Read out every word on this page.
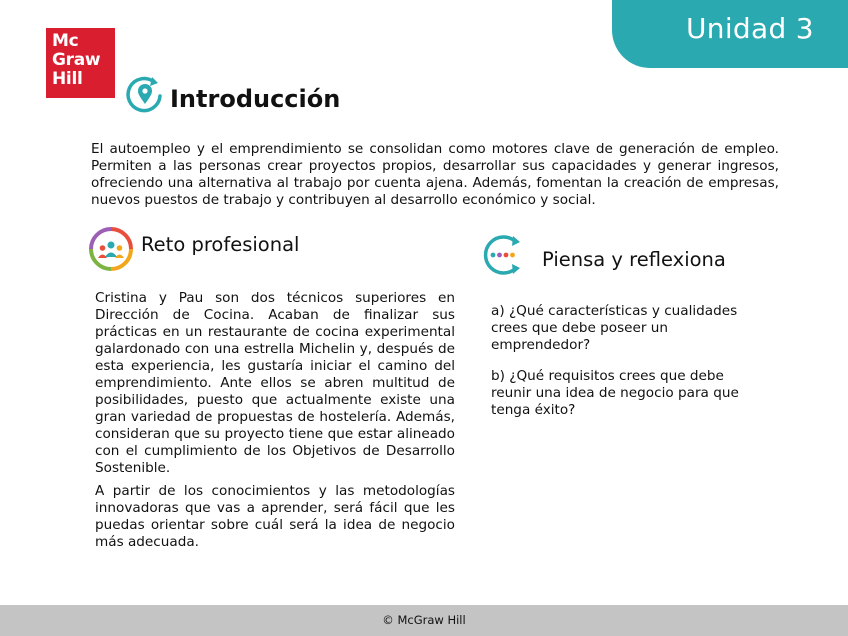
Unidad 3
Mc
Graw
Hill
Introducción
El autoempleo y el emprendimiento se consolidan como motores clave de generación de empleo. Permiten a las personas crear proyectos propios, desarrollar sus capacidades y generar ingresos, ofreciendo una alternativa al trabajo por cuenta ajena. Además, fomentan la creación de empresas, nuevos puestos de trabajo y contribuyen al desarrollo económico y social.
Reto profesional

Cristina y Pau son dos técnicos superiores en Dirección de Cocina. Acaban de finalizar sus prácticas en un restaurante de cocina experimental galardonado con una estrella Michelin y, después de esta experiencia, les gustaría iniciar el camino del emprendimiento. Ante ellos se abren multitud de posibilidades, puesto que actualmente existe una gran variedad de propuestas de hostelería. Además, consideran que su proyecto tiene que estar alineado con el cumplimiento de los Objetivos de Desarrollo Sostenible.

A partir de los conocimientos y las metodologías innovadoras que vas a aprender, será fácil que les puedas orientar sobre cuál será la idea de negocio más adecuada.

Piensa y reflexiona
a) ¿Qué características y cualidades crees que debe poseer un emprendedor?
b) ¿Qué requisitos crees que debe reunir una idea de negocio para que tenga éxito?
© McGraw Hill
